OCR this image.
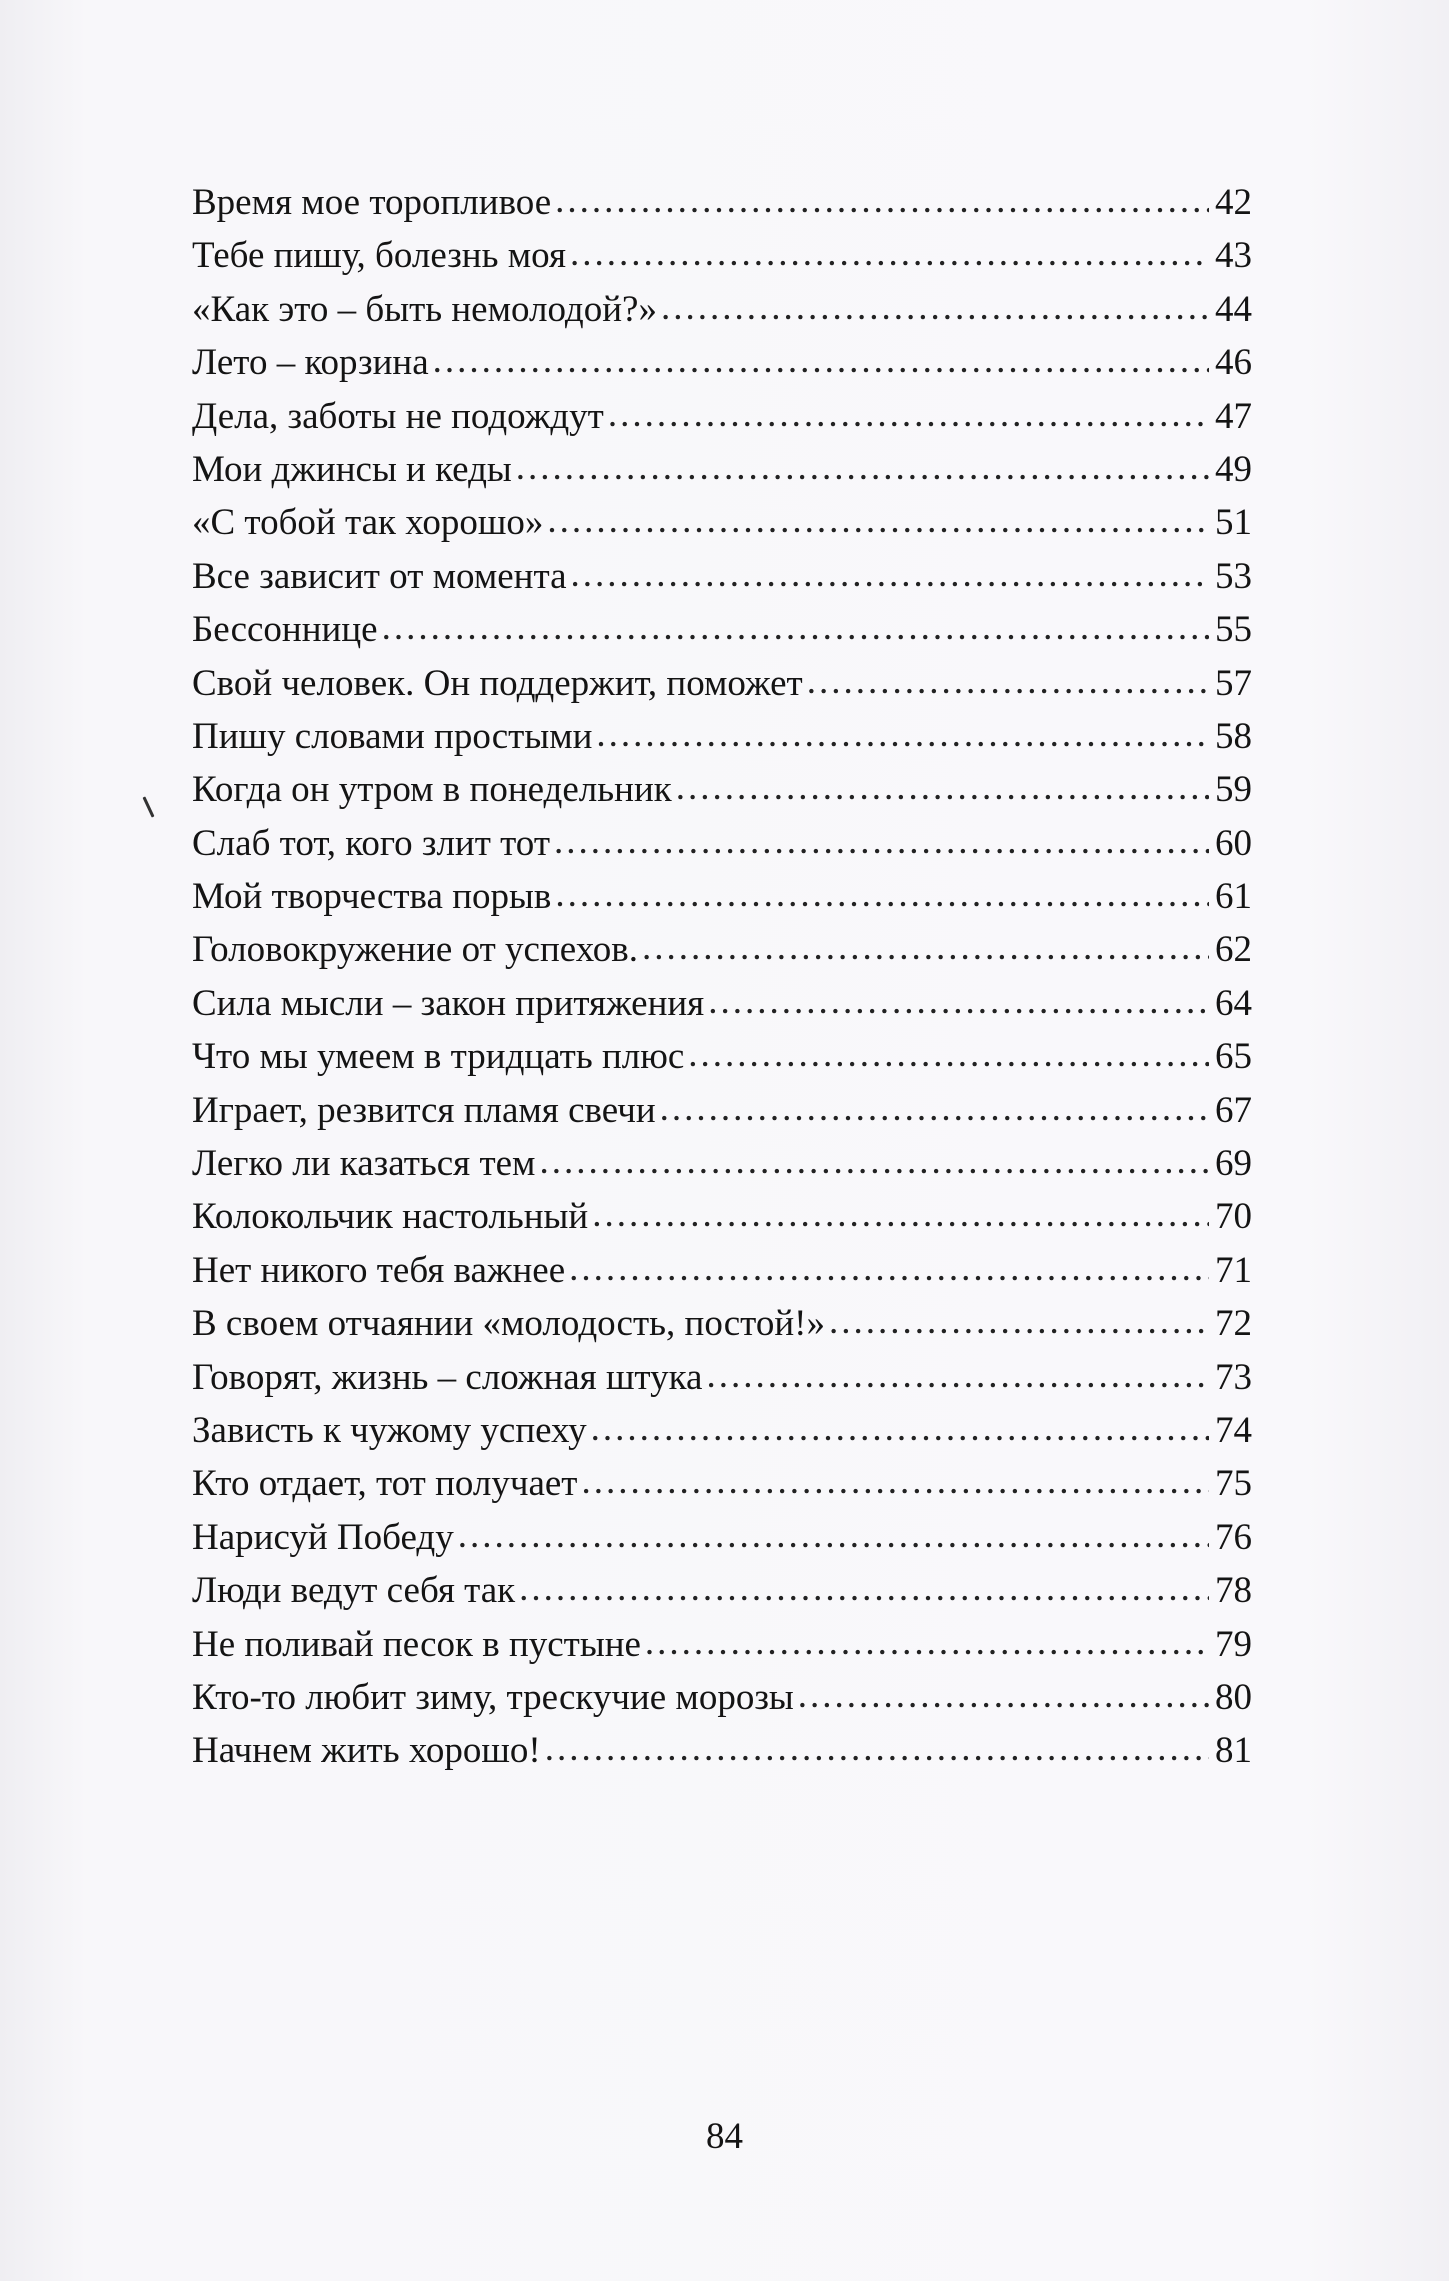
Время мое торопливое .....	42
Тебе пишу, болезнь моя .....	43
«Как это – быть немолодой?» .....	44
Лето – корзина .....	46
Дела, заботы не подождут .....	47
Мои джинсы и кеды .....	49
«С тобой так хорошо» .....	51
Все зависит от момента .....	53
Бессоннице .....	55
Свой человек. Он поддержит, поможет .....	57
Пишу словами простыми .....	58
Когда он утром в понедельник .....	59
Слаб тот, кого злит тот .....	60
Мой творчества порыв .....	61
Головокружение от успехов. .....	62
Сила мысли – закон притяжения .....	64
Что мы умеем в тридцать плюс .....	65
Играет, резвится пламя свечи .....	67
Легко ли казаться тем .....	69
Колокольчик настольный .....	70
Нет никого тебя важнее .....	71
В своем отчаянии «молодость, постой!» .....	72
Говорят, жизнь – сложная штука .....	73
Зависть к чужому успеху .....	74
Кто отдает, тот получает .....	75
Нарисуй Победу .....	76
Люди ведут себя так .....	78
Не поливай песок в пустыне .....	79
Кто-то любит зиму, трескучие морозы .....	80
Начнем жить хорошо! .....	81
84
